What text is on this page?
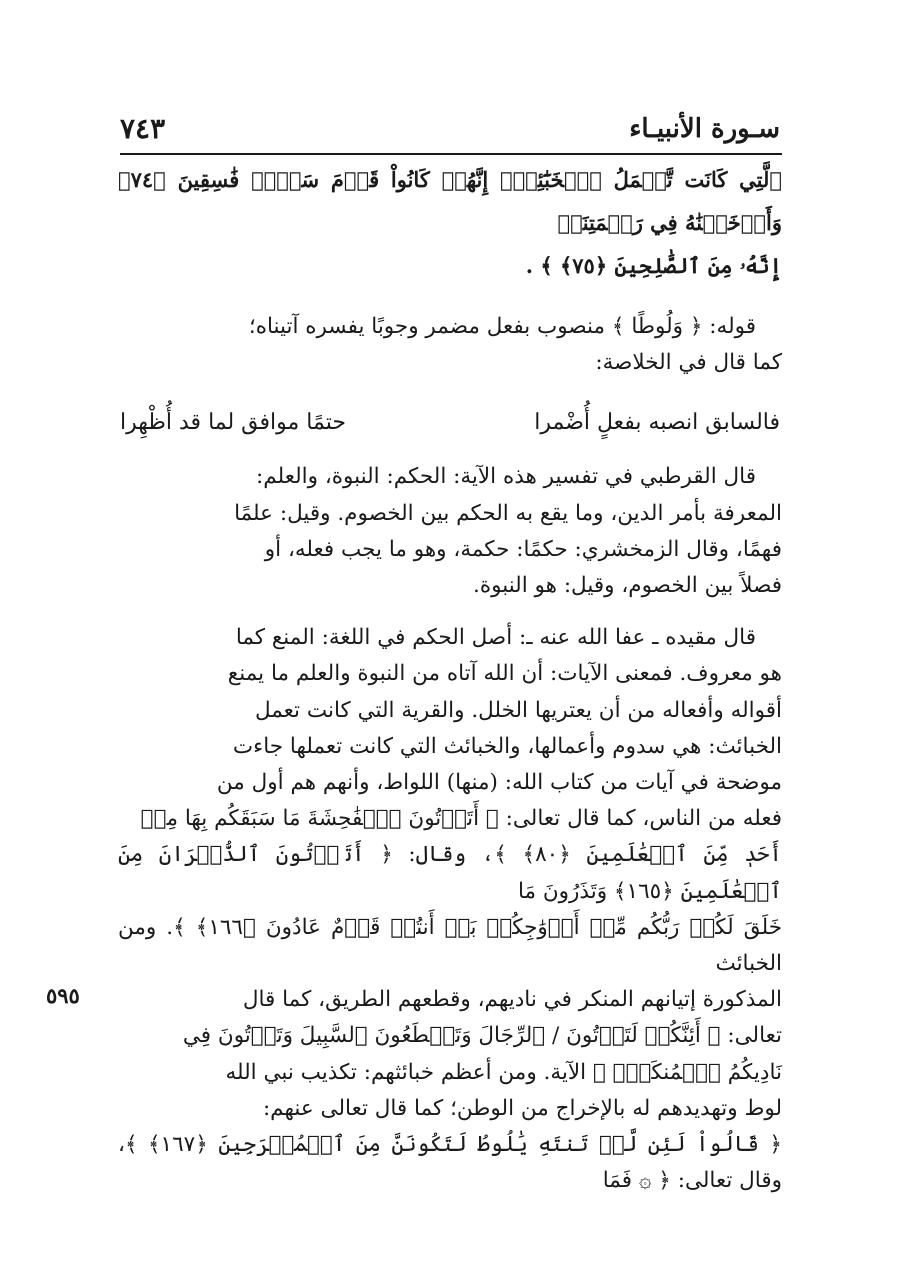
سـورة الأنبيـاء
٧٤٣

ٱلَّتِي كَانَت تَّعۡمَلُ ٱلۡخَبَٰٓئِثَۚ إِنَّهُمۡ كَانُواْ قَوۡمَ سَوۡءٖ فَٰسِقِينَ ﴿٧٤﴾ وَأَدۡخَلۡنَٰهُ فِي رَحۡمَتِنَآۖ

إِنَّهُۥ مِنَ ٱلصَّٰلِحِينَ ﴿٧٥﴾ ﴾ .

قوله: ﴿ وَلُوطًا ﴾ منصوب بفعل مضمر وجوبًا يفسره آتيناه؛

كما قال في الخلاصة:

فالسابق انصبه بفعلٍ أُضْمرا
حتمًا موافق لما قد أُظْهِرا

قال القرطبي في تفسير هذه الآية: الحكم: النبوة، والعلم:

المعرفة بأمر الدين، وما يقع به الحكم بين الخصوم. وقيل: علمًا

فهمًا، وقال الزمخشري: حكمًا: حكمة، وهو ما يجب فعله، أو

فصلاً بين الخصوم، وقيل: هو النبوة.

قال مقيده ـ عفا الله عنه ـ: أصل الحكم في اللغة: المنع كما

هو معروف. فمعنى الآيات: أن الله آتاه من النبوة والعلم ما يمنع

أقواله وأفعاله من أن يعتريها الخلل. والقرية التي كانت تعمل

الخبائث: هي سدوم وأعمالها، والخبائث التي كانت تعملها جاءت

موضحة في آيات من كتاب الله: (منها) اللواط، وأنهم هم أول من

فعله من الناس، كما قال تعالى: ﴿ أَتَأۡتُونَ ٱلۡفَٰحِشَةَ مَا سَبَقَكُم بِهَا مِنۡ

أَحَدٖ مِّنَ ٱلۡعَٰلَمِينَ ﴿٨٠﴾ ﴾، وقال: ﴿ أَتَأۡتُونَ ٱلذُّكۡرَانَ مِنَ ٱلۡعَٰلَمِينَ ﴿١٦٥﴾ وَتَذَرُونَ مَا

خَلَقَ لَكُمۡ رَبُّكُم مِّنۡ أَزۡوَٰجِكُمۚ بَلۡ أَنتُمۡ قَوۡمٌ عَادُونَ ﴿١٦٦﴾ ﴾. ومن الخبائث

المذكورة إتيانهم المنكر في ناديهم، وقطعهم الطريق، كما قال

تعالى: ﴿ أَئِنَّكُمۡ لَتَأۡتُونَ / ٱلرِّجَالَ وَتَقۡطَعُونَ ٱلسَّبِيلَ وَتَأۡتُونَ فِي

نَادِيكُمُ ٱلۡمُنكَرَۖ ﴾ الآية. ومن أعظم خبائثهم: تكذيب نبي الله

لوط وتهديدهم له بالإخراج من الوطن؛ كما قال تعالى عنهم:

﴿ قَالُواْ لَئِن لَّمۡ تَنتَهِ يَٰلُوطُ لَتَكُونَنَّ مِنَ ٱلۡمُخۡرَجِينَ ﴿١٦٧﴾ ﴾، وقال تعالى: ﴿ ۞ فَمَا

٥٩٥
